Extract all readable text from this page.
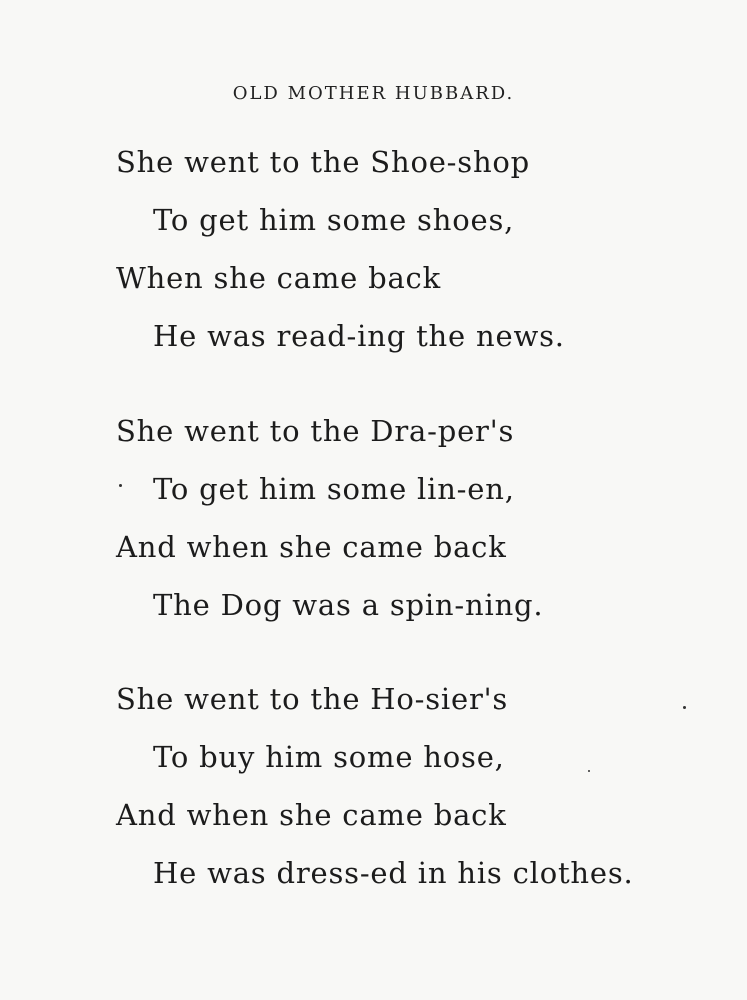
OLD MOTHER HUBBARD.
She went to the Shoe-shop
To get him some shoes,
When she came back
He was read-ing the news.
She went to the Dra-per's
To get him some lin-en,
And when she came back
The Dog was a spin-ning.
She went to the Ho-sier's
To buy him some hose,
And when she came back
He was dress-ed in his clothes.
